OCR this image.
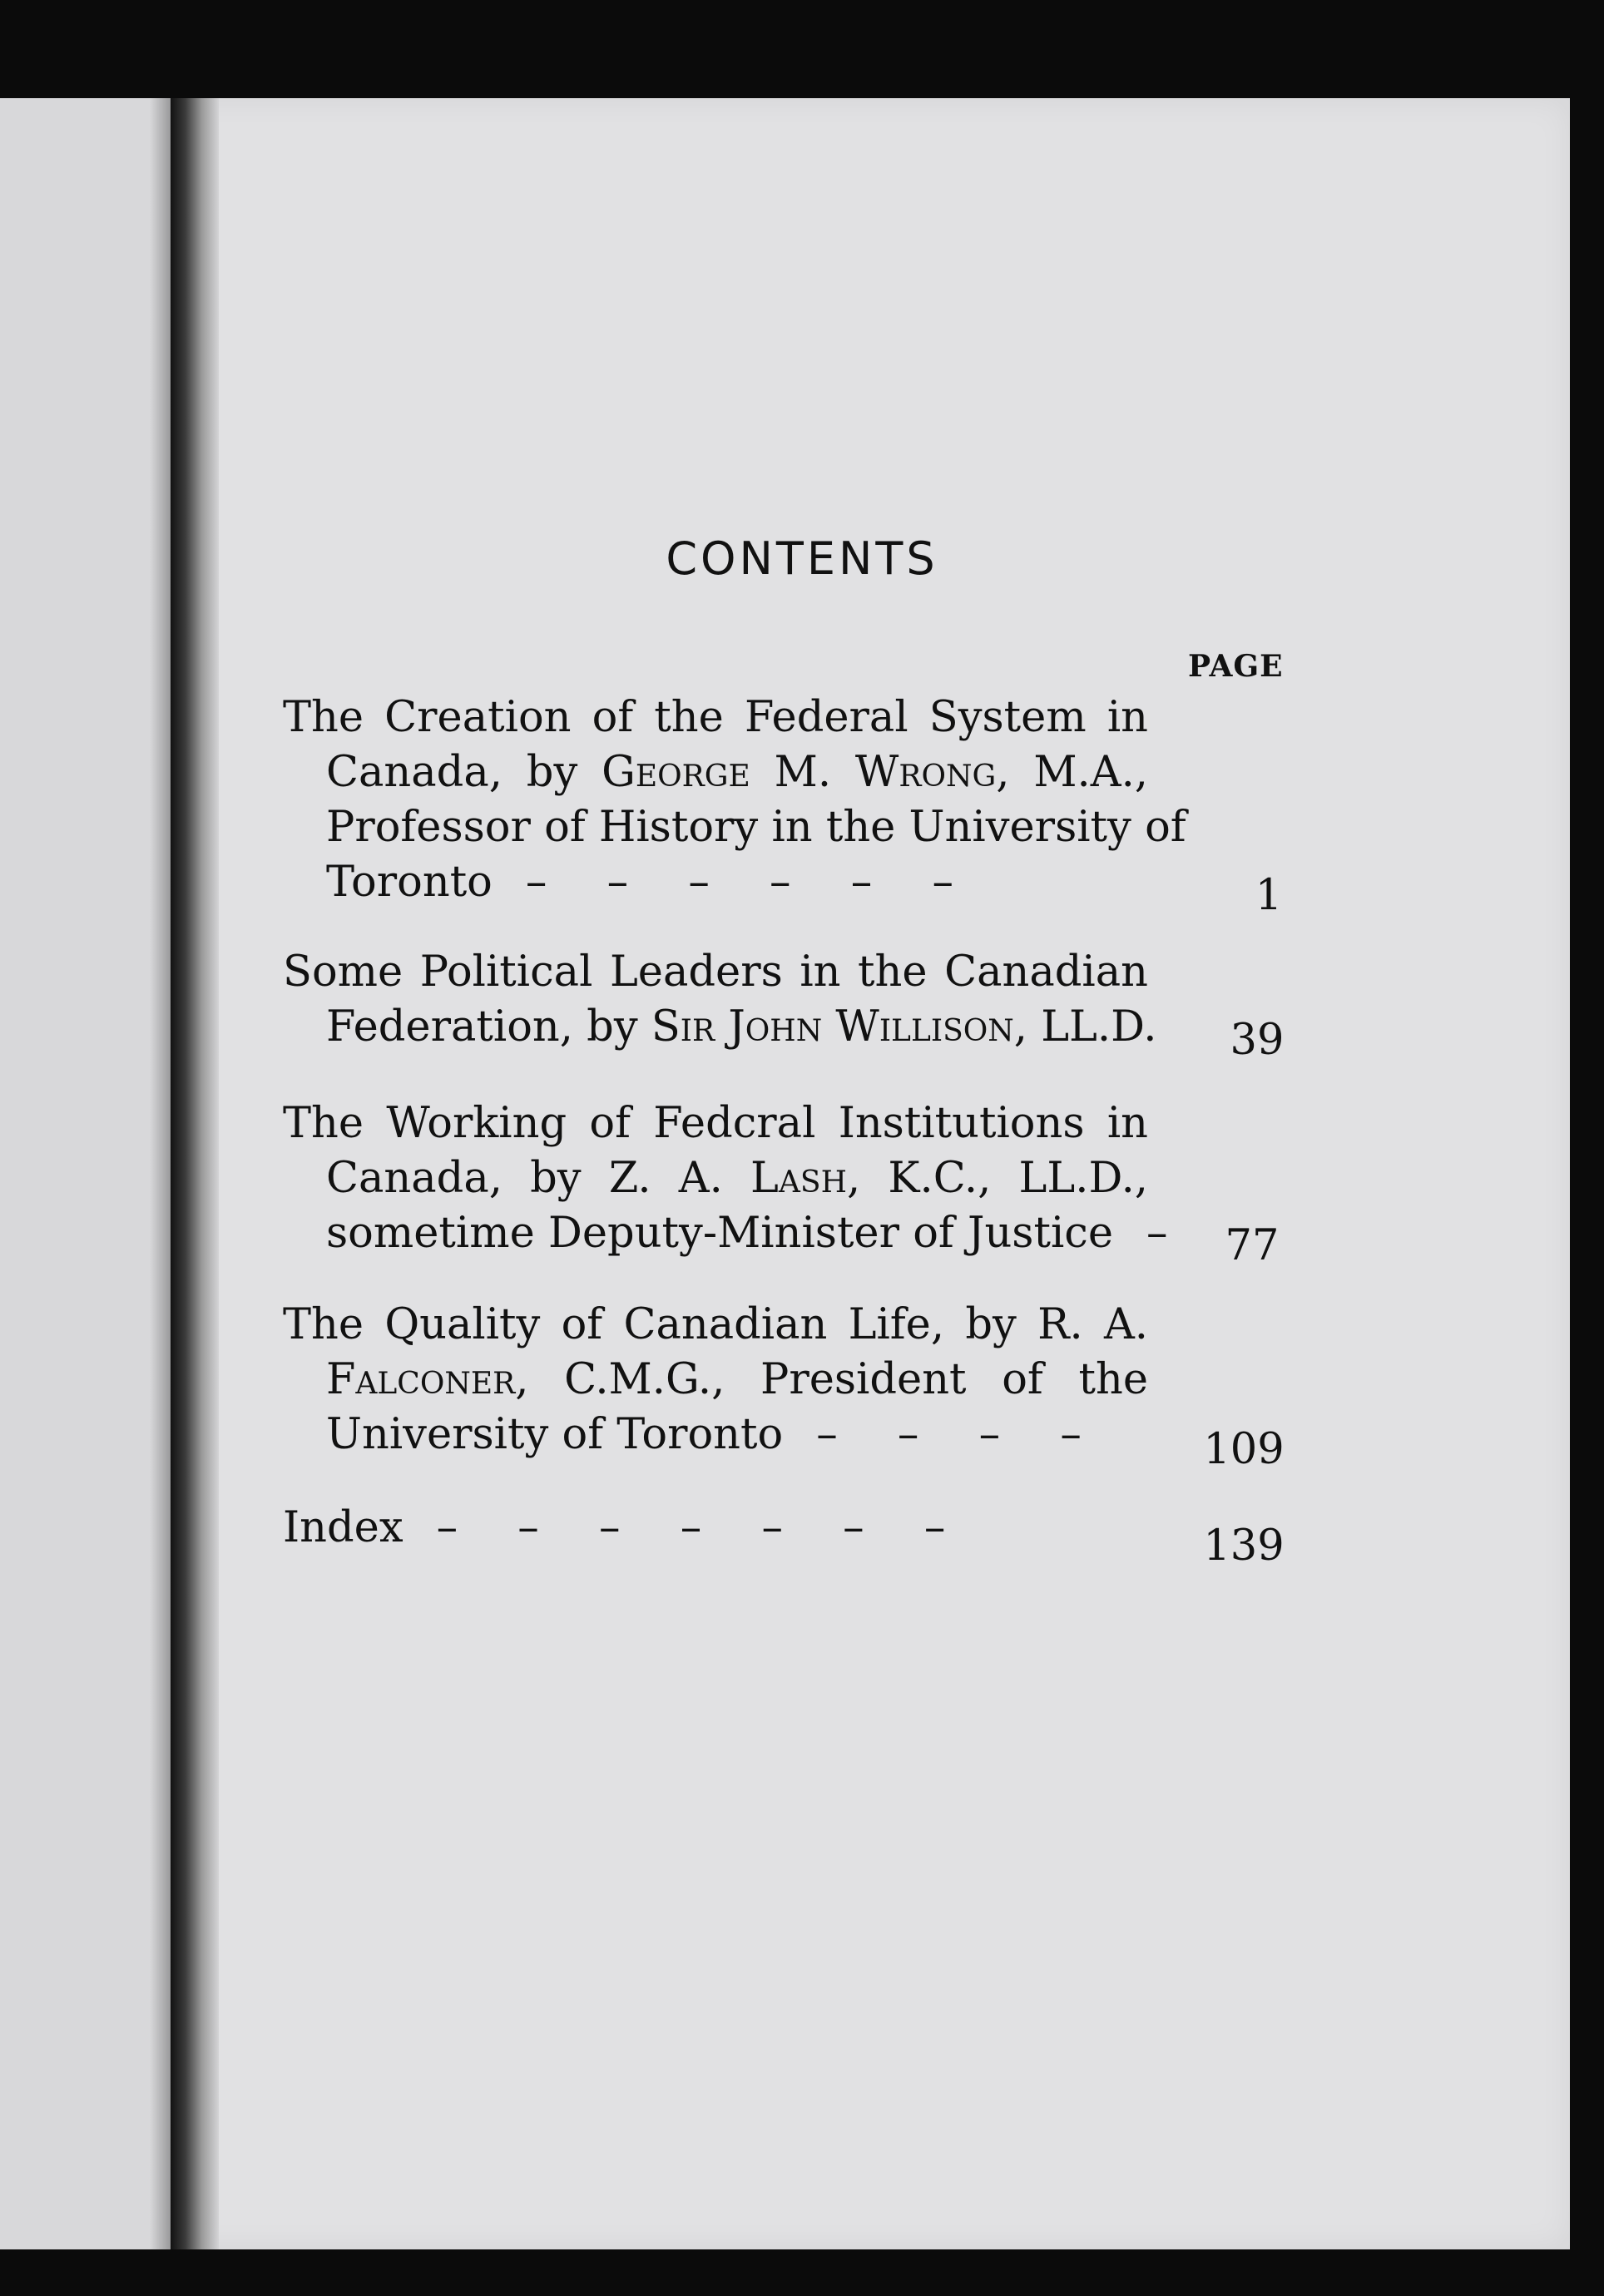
CONTENTS
PAGE
The Creation of the Federal System in
Canada, by George M. Wrong, M.A.,
Professor of History in the University of
Toronto – – – – – –	1
Some Political Leaders in the Canadian
Federation, by Sir John Willison, LL.D.	39
The Working of Fedcral Institutions in
Canada, by Z. A. Lash, K.C., LL.D.,
sometime Deputy-Minister of Justice –	77
The Quality of Canadian Life, by R. A.
Falconer, C.M.G., President of the
University of Toronto – – – –	109
Index – – – – – – –	139
